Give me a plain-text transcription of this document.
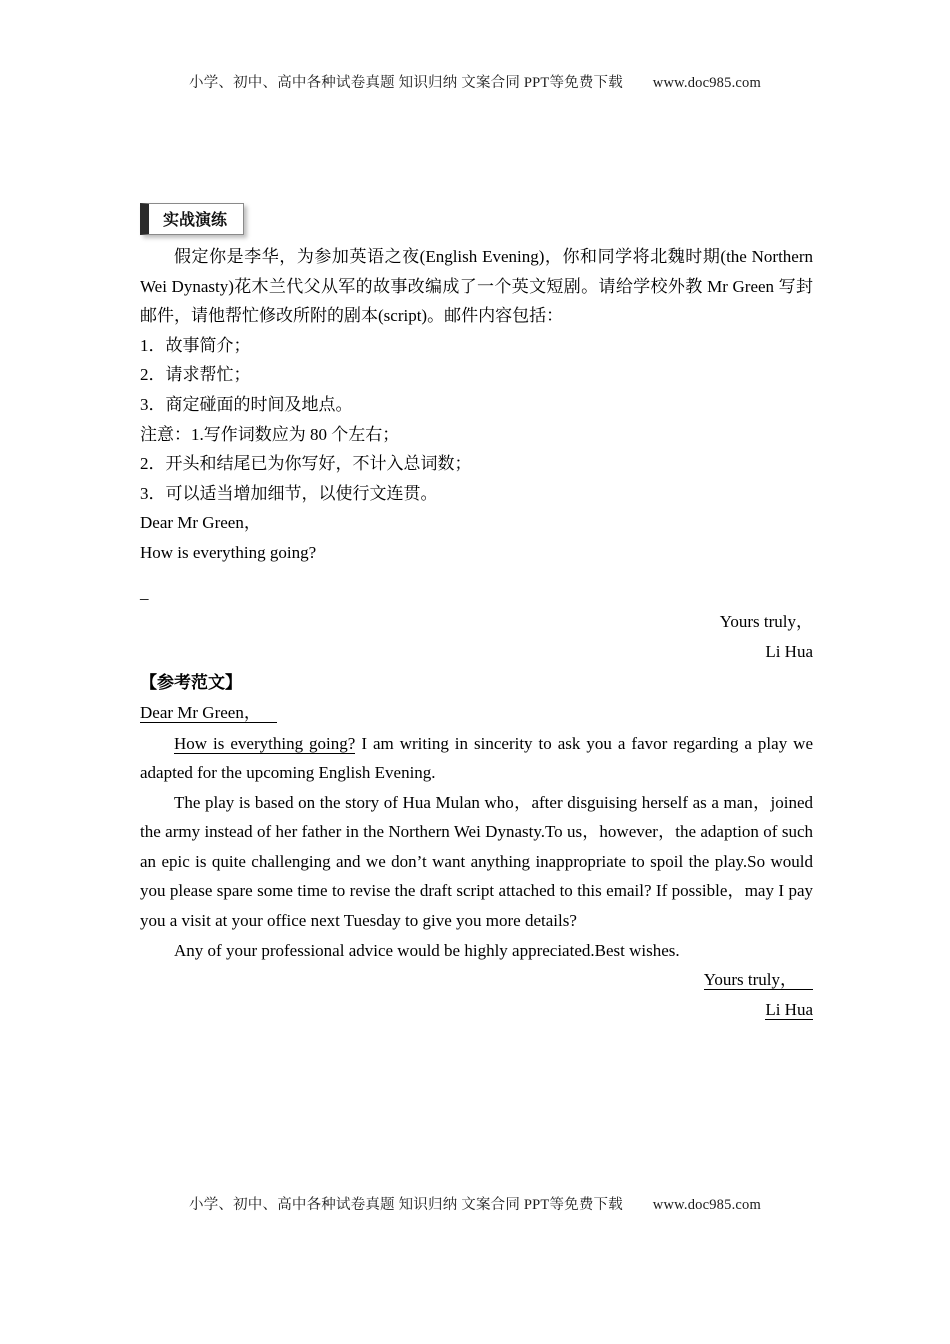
小学、初中、高中各种试卷真题 知识归纳 文案合同 PPT等免费下载 www.doc985.com
实战演练

假定你是李华，为参加英语之夜(English Evening)，你和同学将北魏时期(the Northern Wei Dynasty)花木兰代父从军的故事改编成了一个英文短剧。请给学校外教 Mr Green 写封邮件，请他帮忙修改所附的剧本(script)。邮件内容包括：

1．故事简介；

2．请求帮忙；

3．商定碰面的时间及地点。

注意：1.写作词数应为 80 个左右；

2．开头和结尾已为你写好，不计入总词数；

3．可以适当增加细节，以使行文连贯。

Dear Mr Green，

How is everything going?

_

Yours truly，

Li Hua

【参考范文】

Dear Mr Green，

How is everything going? I am writing in sincerity to ask you a favor regarding a play we adapted for the upcoming English Evening.

The play is based on the story of Hua Mulan who，after disguising herself as a man，joined the army instead of her father in the Northern Wei Dynasty.To us，however，the adaption of such an epic is quite challenging and we don’t want anything inappropriate to spoil the play.So would you please spare some time to revise the draft script attached to this email? If possible，may I pay you a visit at your office next Tuesday to give you more details?

Any of your professional advice would be highly appreciated.Best wishes.

Yours truly，

Li Hua

小学、初中、高中各种试卷真题 知识归纳 文案合同 PPT等免费下载 www.doc985.com
